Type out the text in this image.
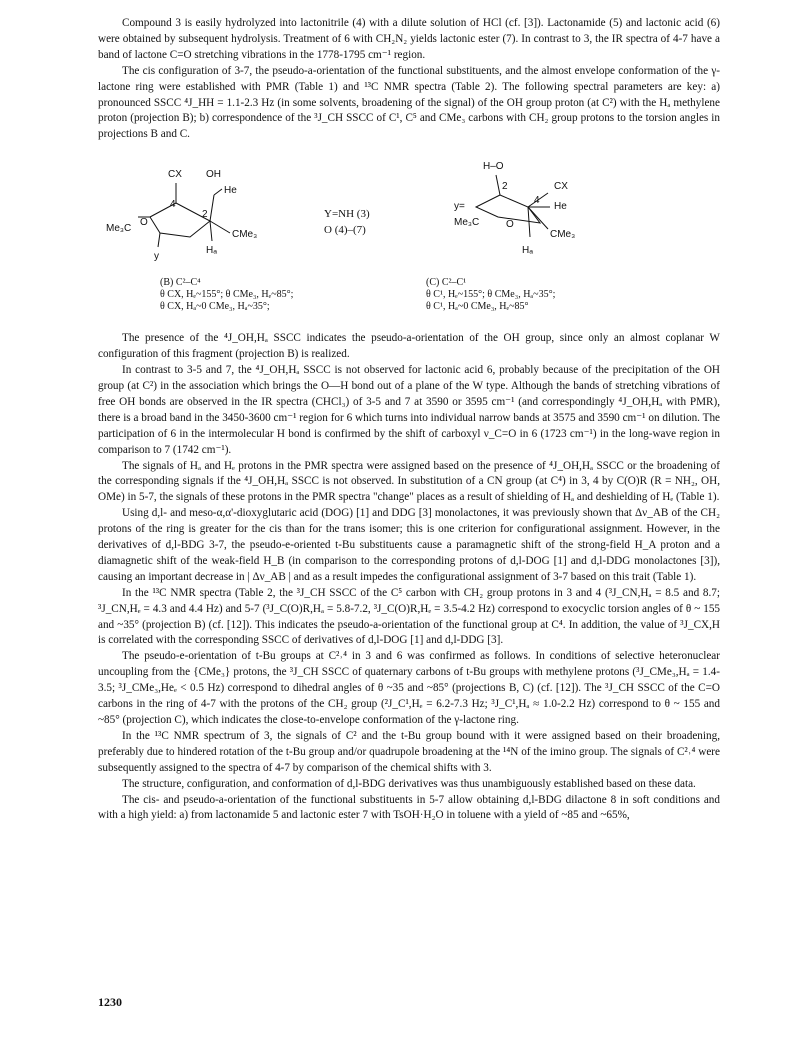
Compound 3 is easily hydrolyzed into lactonitrile (4) with a dilute solution of HCl (cf. [3]). Lactonamide (5) and lactonic acid (6) were obtained by subsequent hydrolysis. Treatment of 6 with CH₂N₂ yields lactonic ester (7). In contrast to 3, the IR spectra of 4-7 have a band of lactone C=O stretching vibrations in the 1778-1795 cm⁻¹ region.

The cis configuration of 3-7, the pseudo-a-orientation of the functional substituents, and the almost envelope conformation of the γ-lactone ring were established with PMR (Table 1) and ¹³C NMR spectra (Table 2). The following spectral parameters are key: a) pronounced SSCC ⁴J_HH = 1.1-2.3 Hz (in some solvents, broadening of the signal) of the OH group proton (at C²) with the Hₐ methylene proton (projection B); b) correspondence of the ³J_CH SSCC of C¹, C⁵ and CMe₃ carbons with CH₂ group protons to the torsion angles in projections B and C.

CX OH
He
4
2
O
Me₃C
CMe₃
Hₐ
y
Y=NH (3)
O (4)–(7)
H–O
2
4
CX
y=	He
Me₃C	O
CMe₃
Hₐ
(B) C²–C⁴
θ CX, Hₑ~155°; θ CMe₃, Hₑ~85°;
θ CX, Hₐ~0 CMe₃, Hₐ~35°;
(C) C²–C¹
θ C¹, Hₑ~155°; θ CMe₃, Hₐ~35°;
θ C¹, Hₐ~0 CMe₃, Hₑ~85°

The presence of the ⁴J_OH,Hₐ SSCC indicates the pseudo-a-orientation of the OH group, since only an almost coplanar W configuration of this fragment (projection B) is realized.

In contrast to 3-5 and 7, the ⁴J_OH,Hₐ SSCC is not observed for lactonic acid 6, probably because of the precipitation of the OH group (at C²) in the association which brings the O—H bond out of a plane of the W type. Although the bands of stretching vibrations of free OH bonds are observed in the IR spectra (CHCl₃) of 3-5 and 7 at 3590 or 3595 cm⁻¹ (and correspondingly ⁴J_OH,Hₐ with PMR), there is a broad band in the 3450-3600 cm⁻¹ region for 6 which turns into individual narrow bands at 3575 and 3590 cm⁻¹ on dilution. The participation of 6 in the intermolecular H bond is confirmed by the shift of carboxyl ν_C=O in 6 (1723 cm⁻¹) in the long-wave region in comparison to 7 (1742 cm⁻¹).

The signals of Hₐ and Hₑ protons in the PMR spectra were assigned based on the presence of ⁴J_OH,Hₐ SSCC or the broadening of the corresponding signals if the ⁴J_OH,Hₐ SSCC is not observed. In substitution of a CN group (at C⁴) in 3, 4 by C(O)R (R = NH₂, OH, OMe) in 5-7, the signals of these protons in the PMR spectra "change" places as a result of shielding of Hₐ and deshielding of Hₑ (Table 1).

Using d,l- and meso-α,α'-dioxyglutaric acid (DOG) [1] and DDG [3] monolactones, it was previously shown that Δν_AB of the CH₂ protons of the ring is greater for the cis than for the trans isomer; this is one criterion for configurational assignment. However, in the derivatives of d,l-BDG 3-7, the pseudo-e-oriented t-Bu substituents cause a paramagnetic shift of the strong-field H_A proton and a diamagnetic shift of the weak-field H_B (in comparison to the corresponding protons of d,l-DOG [1] and d,l-DDG monolactones [3]), causing an important decrease in | Δν_AB | and as a result impedes the configurational assignment of 3-7 based on this trait (Table 1).

In the ¹³C NMR spectra (Table 2, the ³J_CH SSCC of the C⁵ carbon with CH₂ group protons in 3 and 4 (³J_CN,Hₐ = 8.5 and 8.7; ³J_CN,Hₑ = 4.3 and 4.4 Hz) and 5-7 (³J_C(O)R,Hₐ = 5.8-7.2, ³J_C(O)R,Hₑ = 3.5-4.2 Hz) correspond to exocyclic torsion angles of θ ~ 155 and ~35° (projection B) (cf. [12]). This indicates the pseudo-a-orientation of the functional group at C⁴. In addition, the value of ³J_CX,H is correlated with the corresponding SSCC of derivatives of d,l-DOG [1] and d,l-DDG [3].

The pseudo-e-orientation of t-Bu groups at C²˒⁴ in 3 and 6 was confirmed as follows. In conditions of selective heteronuclear uncoupling from the {CMe₃} protons, the ³J_CH SSCC of quaternary carbons of t-Bu groups with methylene protons (³J_CMe₃,Hₐ = 1.4-3.5; ³J_CMe₃,Heₑ < 0.5 Hz) correspond to dihedral angles of θ ~35 and ~85° (projections B, C) (cf. [12]). The ³J_CH SSCC of the C=O carbons in the ring of 4-7 with the protons of the CH₂ group (²J_C¹,Hₑ = 6.2-7.3 Hz; ³J_C¹,Hₐ ≈ 1.0-2.2 Hz) correspond to θ ~ 155 and ~85° (projection C), which indicates the close-to-envelope conformation of the γ-lactone ring.

In the ¹³C NMR spectrum of 3, the signals of C² and the t-Bu group bound with it were assigned based on their broadening, preferably due to hindered rotation of the t-Bu group and/or quadrupole broadening at the ¹⁴N of the imino group. The signals of C²˒⁴ were subsequently assigned to the spectra of 4-7 by comparison of the chemical shifts with 3.

The structure, configuration, and conformation of d,l-BDG derivatives was thus unambiguously established based on these data.

The cis- and pseudo-a-orientation of the functional substituents in 5-7 allow obtaining d,l-BDG dilactone 8 in soft conditions and with a high yield: a) from lactonamide 5 and lactonic ester 7 with TsOH·H₂O in toluene with a yield of ~85 and ~65%,

1230
